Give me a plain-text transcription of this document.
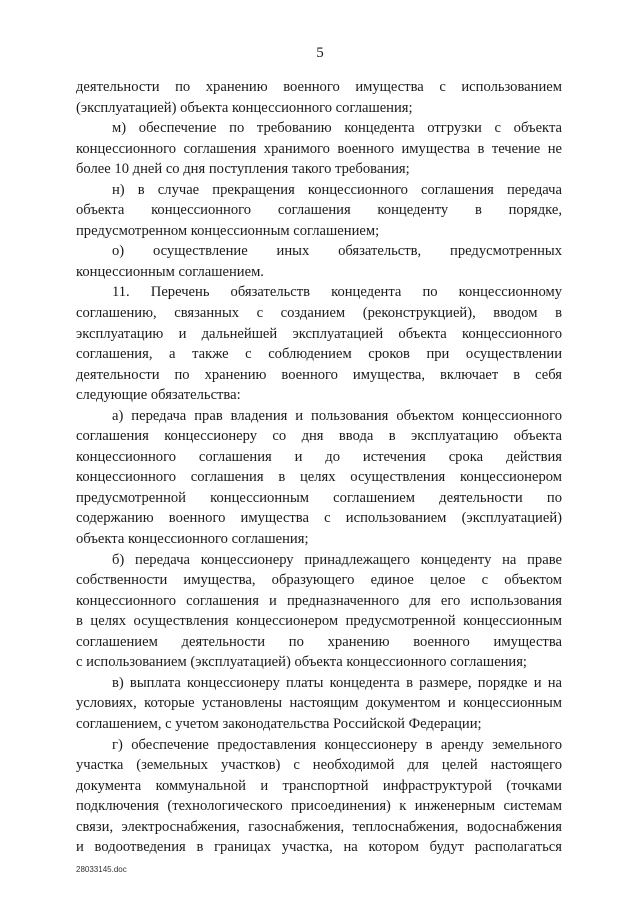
5
деятельности по хранению военного имущества с использованием
(эксплуатацией) объекта концессионного соглашения;
м) обеспечение по требованию концедента отгрузки с объекта
концессионного соглашения хранимого военного имущества в течение не
более 10 дней со дня поступления такого требования;
н) в случае прекращения концессионного соглашения передача
объекта концессионного соглашения концеденту в порядке,
предусмотренном концессионным соглашением;
о) осуществление иных обязательств, предусмотренных
концессионным соглашением.
11. Перечень обязательств концедента по концессионному
соглашению, связанных с созданием (реконструкцией), вводом в
эксплуатацию и дальнейшей эксплуатацией объекта концессионного
соглашения, а также с соблюдением сроков при осуществлении
деятельности по хранению военного имущества, включает в себя
следующие обязательства:
а) передача прав владения и пользования объектом концессионного
соглашения концессионеру со дня ввода в эксплуатацию объекта
концессионного соглашения и до истечения срока действия
концессионного соглашения в целях осуществления концессионером
предусмотренной концессионным соглашением деятельности по
содержанию военного имущества с использованием (эксплуатацией)
объекта концессионного соглашения;
б) передача концессионеру принадлежащего концеденту на праве
собственности имущества, образующего единое целое с объектом
концессионного соглашения и предназначенного для его использования
в целях осуществления концессионером предусмотренной концессионным
соглашением деятельности по хранению военного имущества
с использованием (эксплуатацией) объекта концессионного соглашения;
в) выплата концессионеру платы концедента в размере, порядке и на
условиях, которые установлены настоящим документом и концессионным
соглашением, с учетом законодательства Российской Федерации;
г) обеспечение предоставления концессионеру в аренду земельного
участка (земельных участков) с необходимой для целей настоящего
документа коммунальной и транспортной инфраструктурой (точками
подключения (технологического присоединения) к инженерным системам
связи, электроснабжения, газоснабжения, теплоснабжения, водоснабжения
и водоотведения в границах участка, на котором будут располагаться
28033145.doc
